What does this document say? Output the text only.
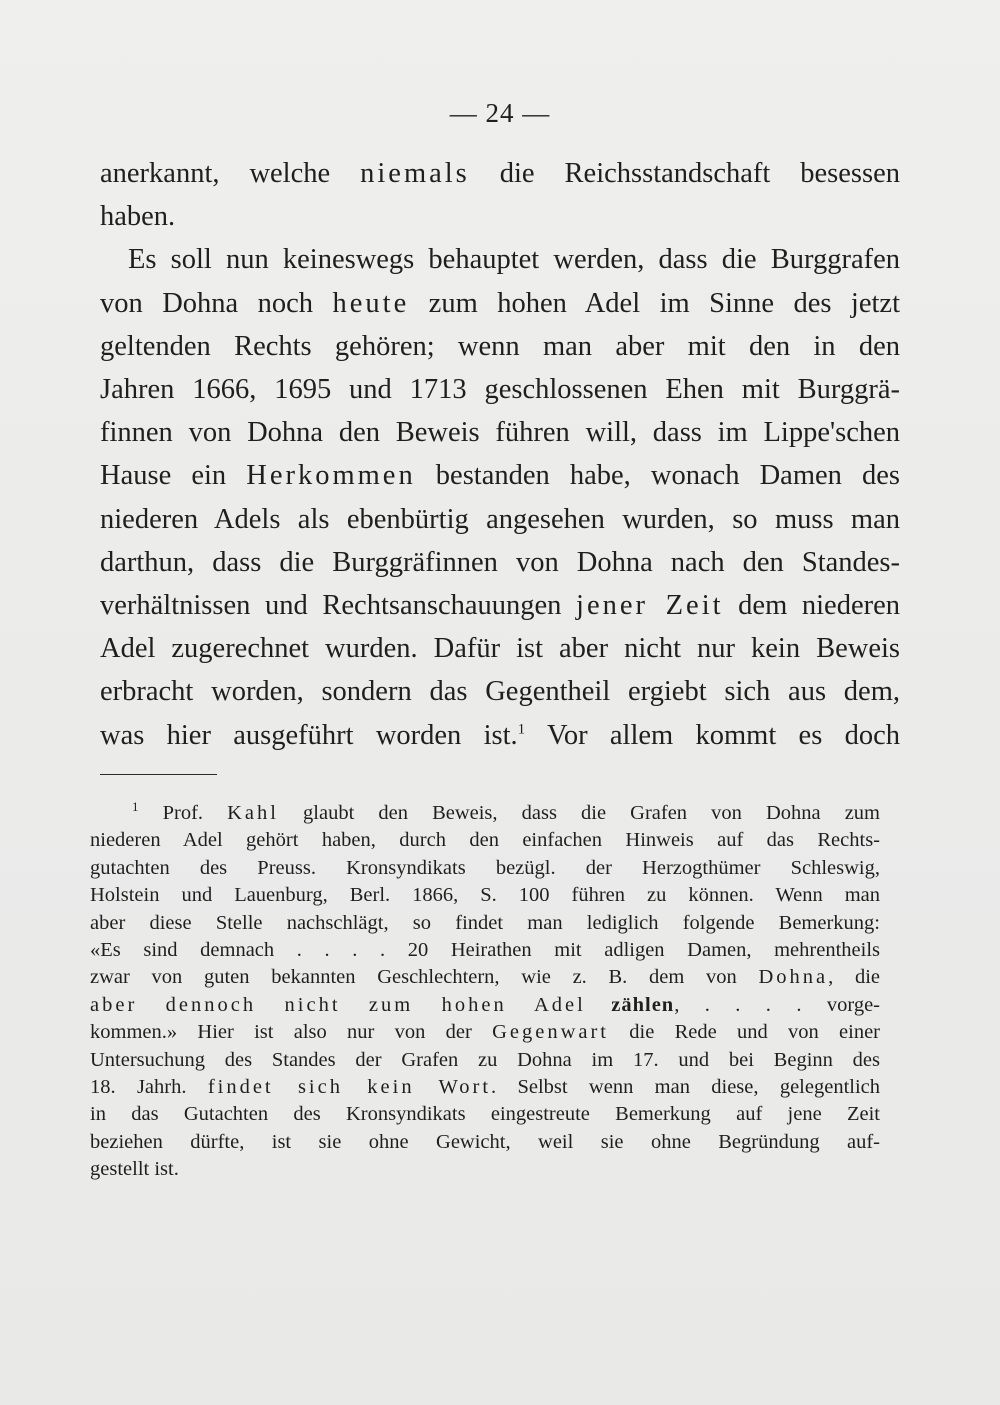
— 24 —
anerkannt, welche niemals die Reichsstandschaft besessen
haben.
Es soll nun keineswegs behauptet werden, dass die Burggrafen
von Dohna noch heute zum hohen Adel im Sinne des jetzt
geltenden Rechts gehören; wenn man aber mit den in den
Jahren 1666, 1695 und 1713 geschlossenen Ehen mit Burggrä-
finnen von Dohna den Beweis führen will, dass im Lippe'schen
Hause ein Herkommen bestanden habe, wonach Damen des
niederen Adels als ebenbürtig angesehen wurden, so muss man
darthun, dass die Burggräfinnen von Dohna nach den Standes-
verhältnissen und Rechtsanschauungen jener Zeit dem niederen
Adel zugerechnet wurden. Dafür ist aber nicht nur kein Beweis
erbracht worden, sondern das Gegentheil ergiebt sich aus dem,
was hier ausgeführt worden ist.$^1$ Vor allem kommt es doch
$^1$ Prof. Kahl glaubt den Beweis, dass die Grafen von Dohna zum
niederen Adel gehört haben, durch den einfachen Hinweis auf das Rechts-
gutachten des Preuss. Kronsyndikats bezügl. der Herzogthümer Schleswig,
Holstein und Lauenburg, Berl. 1866, S. 100 führen zu können. Wenn man
aber diese Stelle nachschlägt, so findet man lediglich folgende Bemerkung:
«Es sind demnach . . . . 20 Heirathen mit adligen Damen, mehrentheils
zwar von guten bekannten Geschlechtern, wie z. B. dem von Dohna, die
aber dennoch nicht zum hohen Adel zählen, . . . . vorge-
kommen.» Hier ist also nur von der Gegenwart die Rede und von einer
Untersuchung des Standes der Grafen zu Dohna im 17. und bei Beginn des
18. Jahrh. findet sich kein Wort. Selbst wenn man diese, gelegentlich
in das Gutachten des Kronsyndikats eingestreute Bemerkung auf jene Zeit
beziehen dürfte, ist sie ohne Gewicht, weil sie ohne Begründung auf-
gestellt ist.
